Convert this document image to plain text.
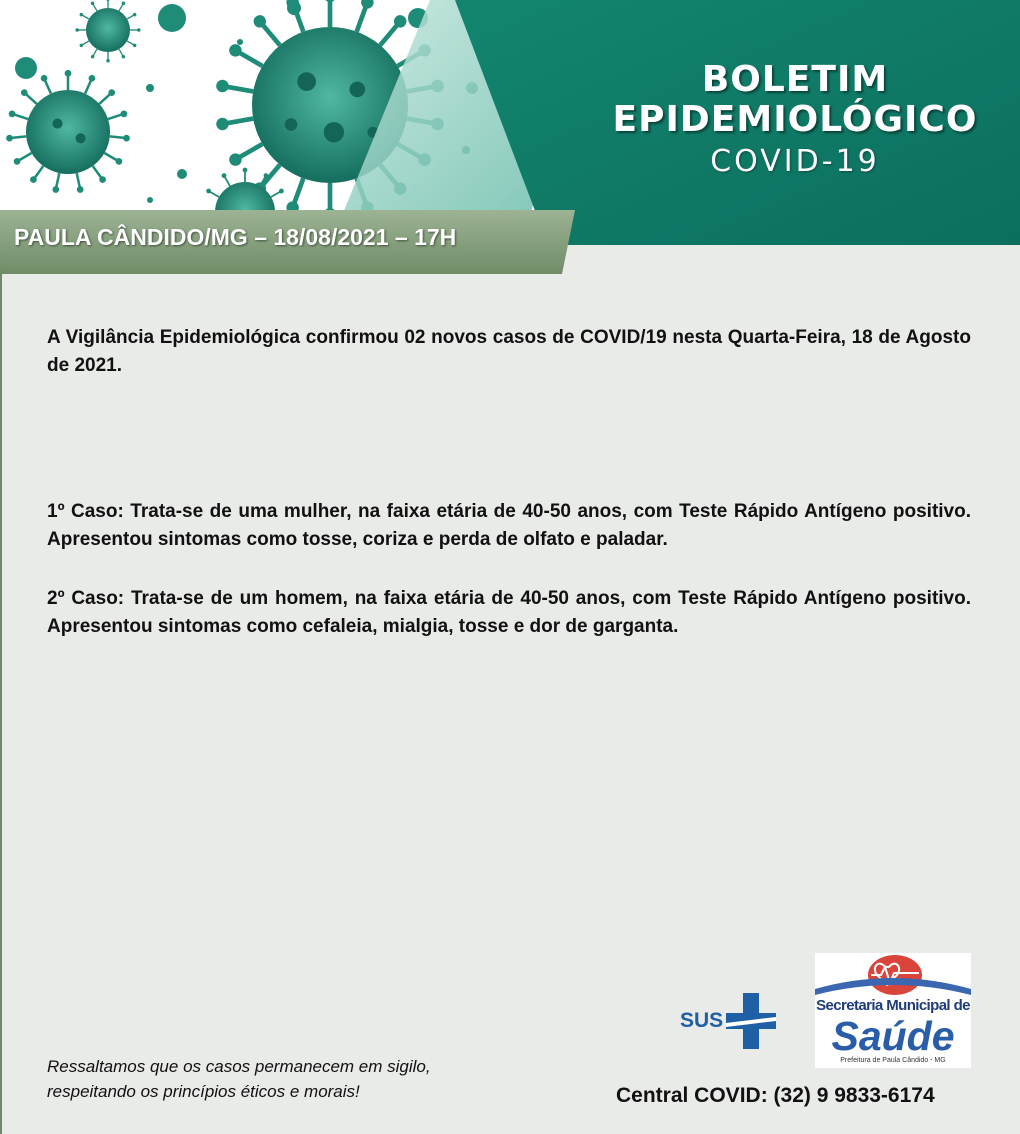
BOLETIM
EPIDEMIOLÓGICO
COVID-19
PAULA CÂNDIDO/MG – 18/08/2021 – 17H
A Vigilância Epidemiológica confirmou 02 novos casos de COVID/19 nesta Quarta-Feira, 18 de Agosto de 2021.
1º Caso: Trata-se de uma mulher, na faixa etária de 40-50 anos, com Teste Rápido Antígeno positivo. Apresentou sintomas como tosse, coriza e perda de olfato e paladar.
2º Caso: Trata-se de um homem, na faixa etária de 40-50 anos, com Teste Rápido Antígeno positivo. Apresentou sintomas como cefaleia, mialgia, tosse e dor de garganta.
SUS
Secretaria Municipal de
Saúde
Prefeitura de Paula Cândido - MG
Ressaltamos que os casos permanecem em sigilo,
respeitando os princípios éticos e morais!	Central COVID: (32) 9 9833-6174
